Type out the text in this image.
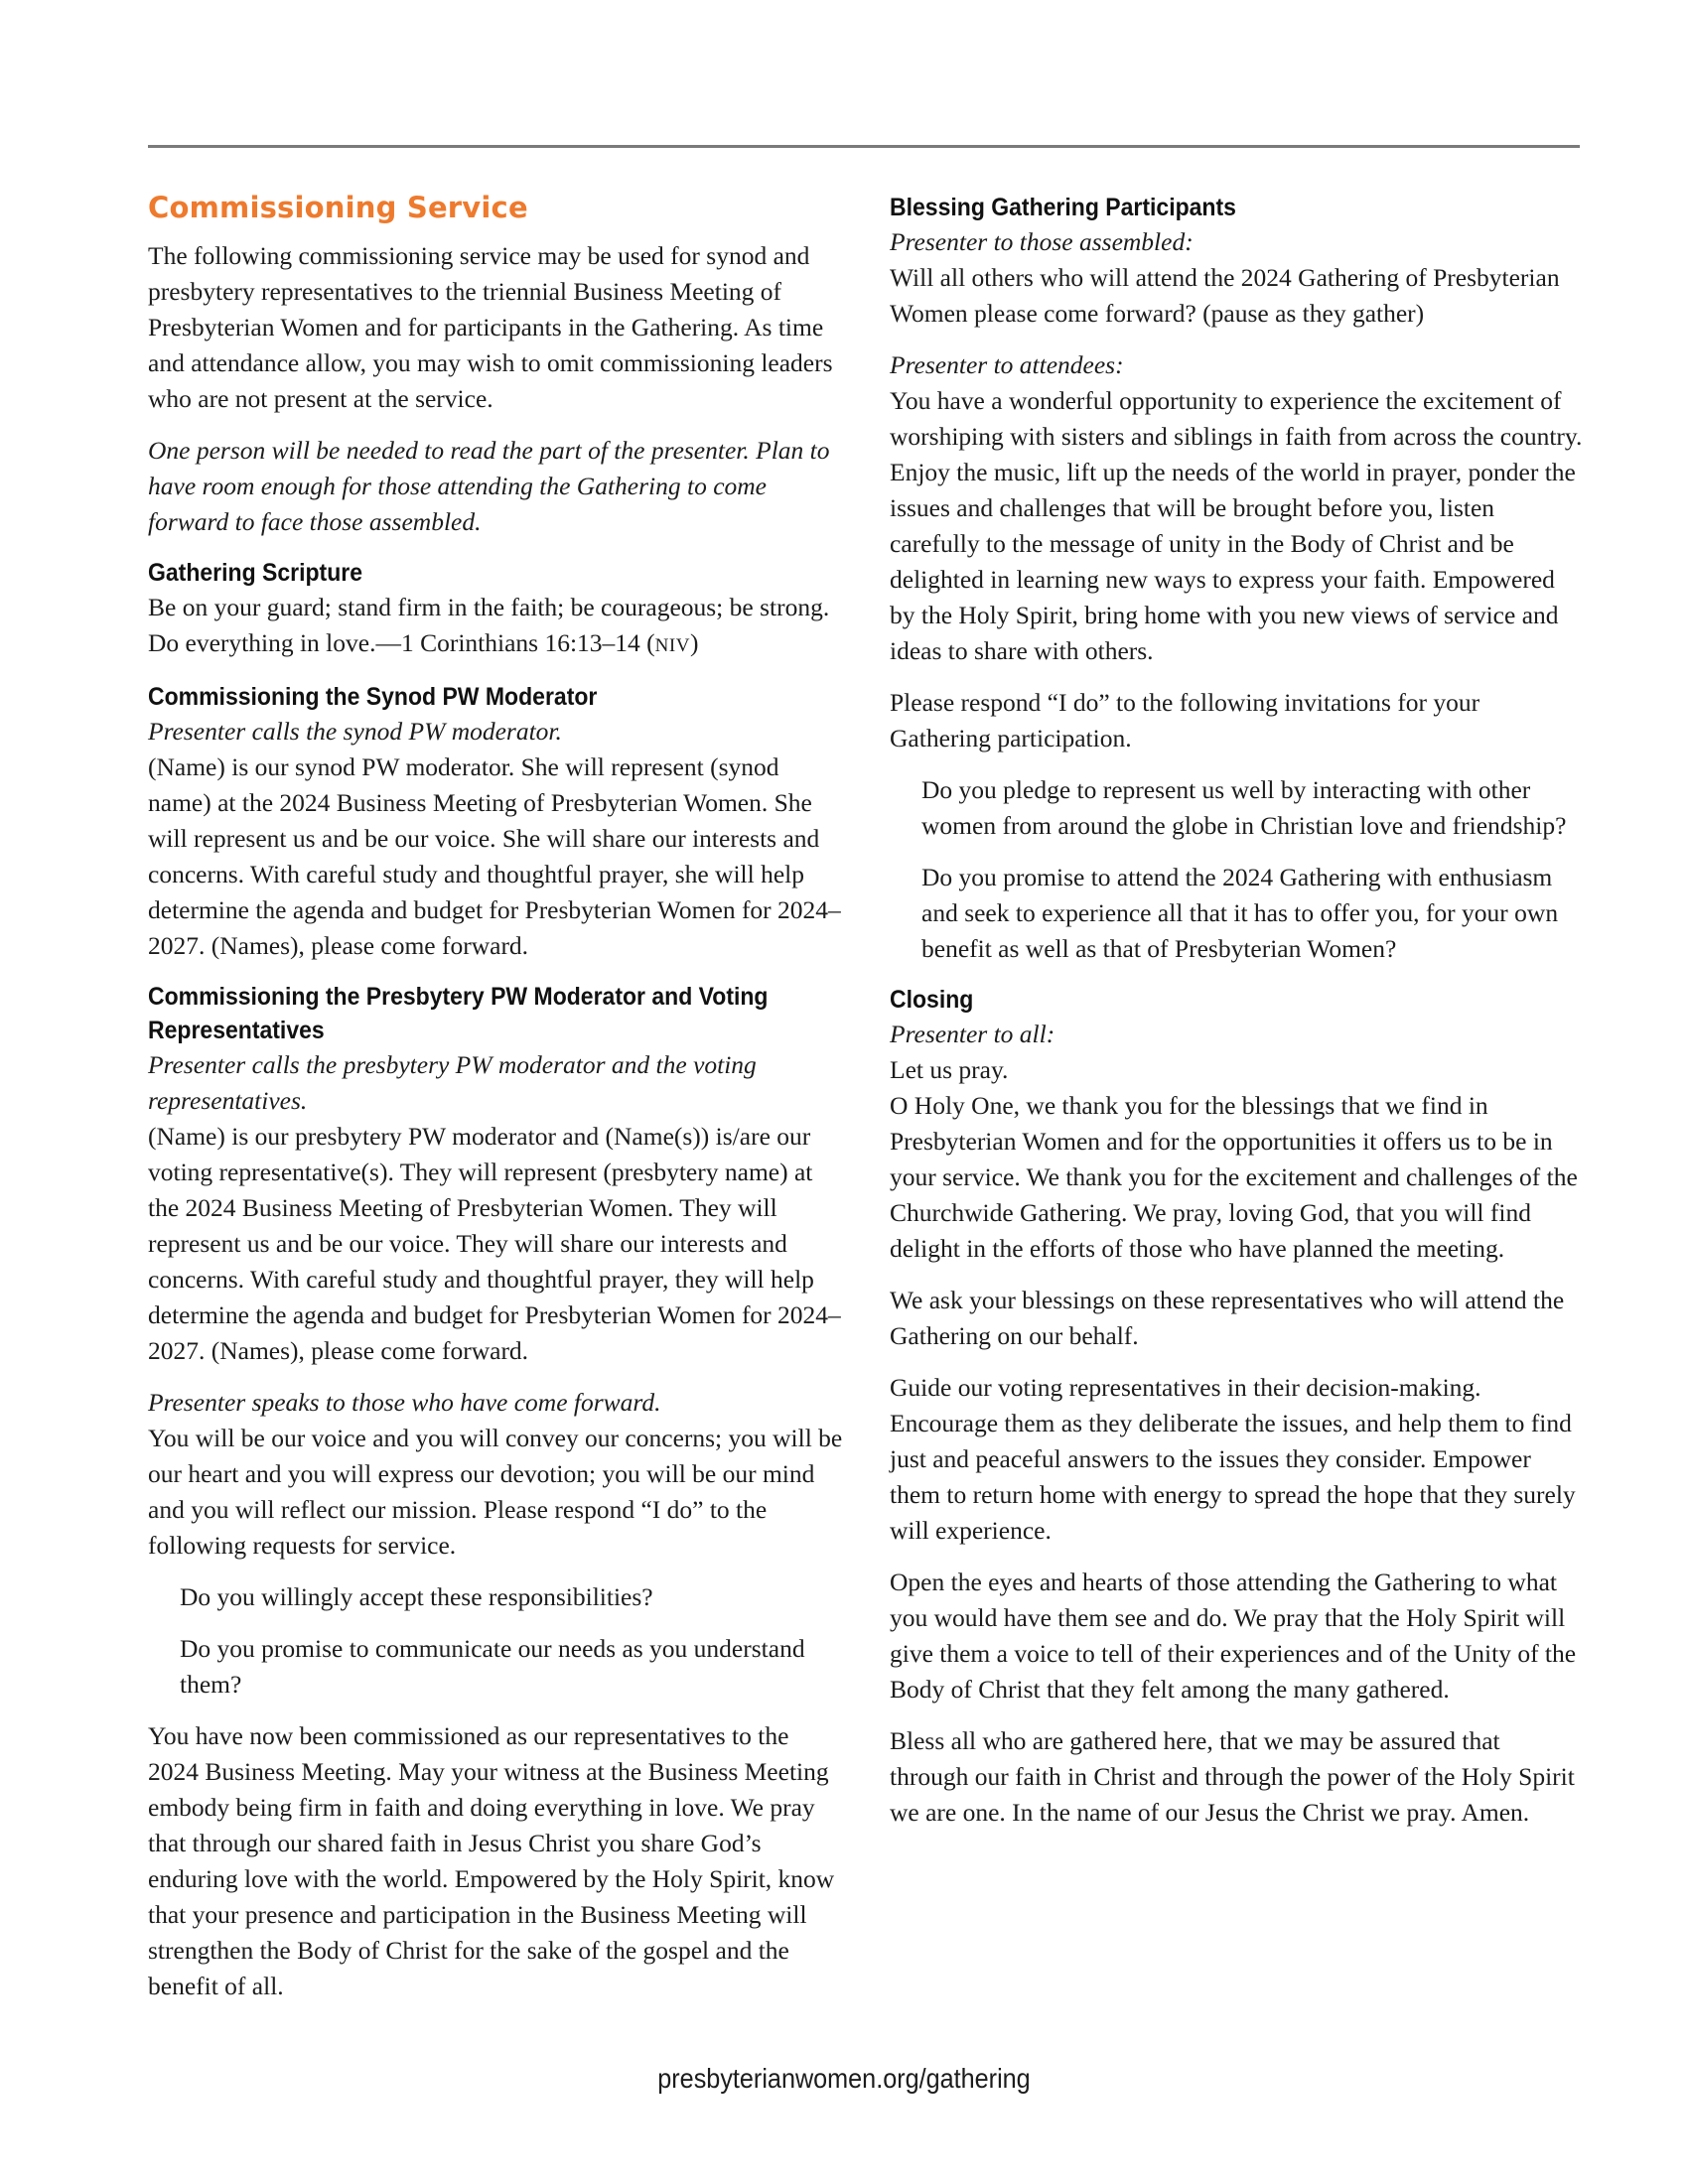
Commissioning Service

The following commissioning service may be used for synod and presbytery representatives to the triennial Business Meeting of Presbyterian Women and for participants in the Gathering. As time and attendance allow, you may wish to omit commissioning leaders who are not present at the service.

One person will be needed to read the part of the presenter. Plan to have room enough for those attending the Gathering to come forward to face those assembled.

Gathering Scripture

Be on your guard; stand firm in the faith; be courageous; be strong. Do everything in love.—1 Corinthians 16:13–14 (NIV)

Commissioning the Synod PW Moderator

Presenter calls the synod PW moderator.

(Name) is our synod PW moderator. She will represent (synod name) at the 2024 Business Meeting of Presbyterian Women. She will represent us and be our voice. She will share our interests and concerns. With careful study and thoughtful prayer, she will help determine the agenda and budget for Presbyterian Women for 2024–2027. (Names), please come forward.

Commissioning the Presbytery PW Moderator and Voting Representatives

Presenter calls the presbytery PW moderator and the voting representatives.

(Name) is our presbytery PW moderator and (Name(s)) is/are our voting representative(s). They will represent (presbytery name) at the 2024 Business Meeting of Presbyterian Women. They will represent us and be our voice. They will share our interests and concerns. With careful study and thoughtful prayer, they will help determine the agenda and budget for Presbyterian Women for 2024–2027. (Names), please come forward.

Presenter speaks to those who have come forward.

You will be our voice and you will convey our concerns; you will be our heart and you will express our devotion; you will be our mind and you will reflect our mission. Please respond “I do” to the following requests for service.

Do you willingly accept these responsibilities?

Do you promise to communicate our needs as you understand them?

You have now been commissioned as our representatives to the 2024 Business Meeting. May your witness at the Business Meeting embody being firm in faith and doing everything in love. We pray that through our shared faith in Jesus Christ you share God’s enduring love with the world. Empowered by the Holy Spirit, know that your presence and participation in the Business Meeting will strengthen the Body of Christ for the sake of the gospel and the benefit of all.

Blessing Gathering Participants

Presenter to those assembled:

Will all others who will attend the 2024 Gathering of Presbyterian Women please come forward? (pause as they gather)

Presenter to attendees:

You have a wonderful opportunity to experience the excitement of worshiping with sisters and siblings in faith from across the country. Enjoy the music, lift up the needs of the world in prayer, ponder the issues and challenges that will be brought before you, listen carefully to the message of unity in the Body of Christ and be delighted in learning new ways to express your faith. Empowered by the Holy Spirit, bring home with you new views of service and ideas to share with others.

Please respond “I do” to the following invitations for your Gathering participation.

Do you pledge to represent us well by interacting with other women from around the globe in Christian love and friendship?

Do you promise to attend the 2024 Gathering with enthusiasm and seek to experience all that it has to offer you, for your own benefit as well as that of Presbyterian Women?

Closing

Presenter to all:

Let us pray.

O Holy One, we thank you for the blessings that we find in Presbyterian Women and for the opportunities it offers us to be in your service. We thank you for the excitement and challenges of the Churchwide Gathering. We pray, loving God, that you will find delight in the efforts of those who have planned the meeting.

We ask your blessings on these representatives who will attend the Gathering on our behalf.

Guide our voting representatives in their decision-making. Encourage them as they deliberate the issues, and help them to find just and peaceful answers to the issues they consider. Empower them to return home with energy to spread the hope that they surely will experience.

Open the eyes and hearts of those attending the Gathering to what you would have them see and do. We pray that the Holy Spirit will give them a voice to tell of their experiences and of the Unity of the Body of Christ that they felt among the many gathered.

Bless all who are gathered here, that we may be assured that through our faith in Christ and through the power of the Holy Spirit we are one. In the name of our Jesus the Christ we pray. Amen.

presbyterianwomen.org/gathering
